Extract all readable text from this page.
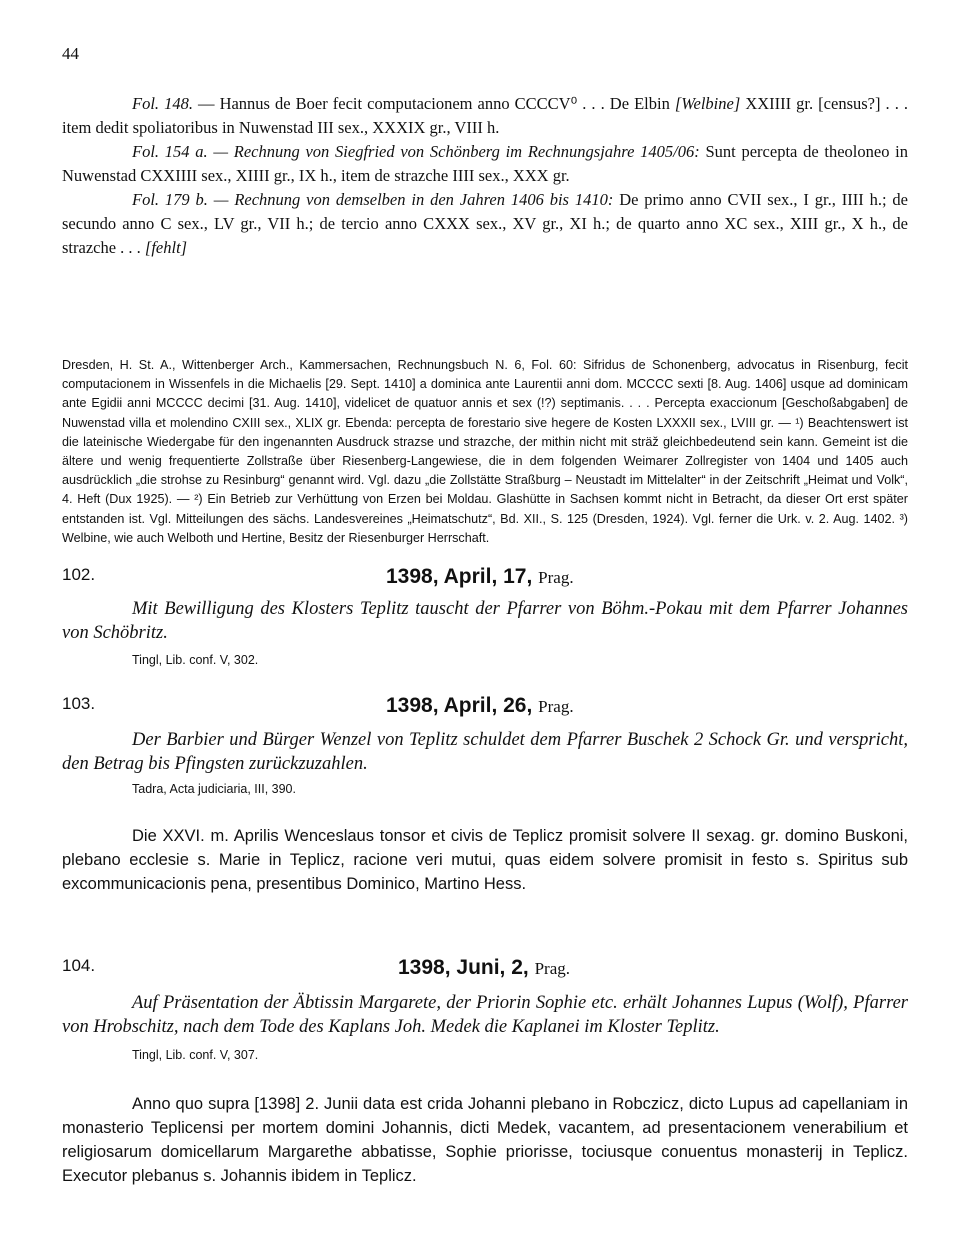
44

Fol. 148. — Hannus de Boer fecit computacionem anno CCCCV⁰ . . . De Elbin [Welbine] XXIIII gr. [census?] . . . item dedit spoliatoribus in Nuwenstad III sex., XXXIX gr., VIII h.

Fol. 154 a. — Rechnung von Siegfried von Schönberg im Rechnungsjahre 1405/06: Sunt percepta de theoloneo in Nuwenstad CXXIIII sex., XIIII gr., IX h., item de strazche IIII sex., XXX gr.

Fol. 179 b. — Rechnung von demselben in den Jahren 1406 bis 1410: De primo anno CVII sex., I gr., IIII h.; de secundo anno C sex., LV gr., VII h.; de tercio anno CXXX sex., XV gr., XI h.; de quarto anno XC sex., XIII gr., X h., de strazche . . . [fehlt]

Dresden, H. St. A., Wittenberger Arch., Kammersachen, Rechnungsbuch N. 6, Fol. 60: Sifridus de Schonenberg, advocatus in Risenburg, fecit computacionem in Wissenfels in die Michaelis [29. Sept. 1410] a dominica ante Laurentii anni dom. MCCCC sexti [8. Aug. 1406] usque ad dominicam ante Egidii anni MCCCC decimi [31. Aug. 1410], videlicet de quatuor annis et sex (!?) septimanis. . . . Percepta exaccionum [Geschoßabgaben] de Nuwenstad villa et molendino CXIII sex., XLIX gr. Ebenda: percepta de forestario sive hegere de Kosten LXXXII sex., LVIII gr. — ¹) Beachtenswert ist die lateinische Wiedergabe für den ingenannten Ausdruck strazse und strazche, der mithin nicht mit sträž gleichbedeutend sein kann. Gemeint ist die ältere und wenig frequentierte Zollstraße über Riesenberg-Langewiese, die in dem folgenden Weimarer Zollregister von 1404 und 1405 auch ausdrücklich „die strohse zu Resinburg“ genannt wird. Vgl. dazu „die Zollstätte Straßburg – Neustadt im Mittelalter“ in der Zeitschrift „Heimat und Volk“, 4. Heft (Dux 1925). — ²) Ein Betrieb zur Verhüttung von Erzen bei Moldau. Glashütte in Sachsen kommt nicht in Betracht, da dieser Ort erst später entstanden ist. Vgl. Mitteilungen des sächs. Landesvereines „Heimatschutz“, Bd. XII., S. 125 (Dresden, 1924). Vgl. ferner die Urk. v. 2. Aug. 1402. ³) Welbine, wie auch Welboth und Hertine, Besitz der Riesenburger Herrschaft.

102.	1398, April, 17, Prag.

Mit Bewilligung des Klosters Teplitz tauscht der Pfarrer von Böhm.-Pokau mit dem Pfarrer Johannes von Schöbritz.

Tingl, Lib. conf. V, 302.
103.	1398, April, 26, Prag.

Der Barbier und Bürger Wenzel von Teplitz schuldet dem Pfarrer Buschek 2 Schock Gr. und verspricht, den Betrag bis Pfingsten zurückzuzahlen.

Tadra, Acta judiciaria, III, 390.

Die XXVI. m. Aprilis Wenceslaus tonsor et civis de Teplicz promisit solvere II sexag. gr. domino Buskoni, plebano ecclesie s. Marie in Teplicz, racione veri mutui, quas eidem solvere promisit in festo s. Spiritus sub excommunicacionis pena, presentibus Dominico, Martino Hess.

104.	1398, Juni, 2, Prag.

Auf Präsentation der Äbtissin Margarete, der Priorin Sophie etc. erhält Johannes Lupus (Wolf), Pfarrer von Hrobschitz, nach dem Tode des Kaplans Joh. Medek die Kaplanei im Kloster Teplitz.

Tingl, Lib. conf. V, 307.

Anno quo supra [1398] 2. Junii data est crida Johanni plebano in Robczicz, dicto Lupus ad capellaniam in monasterio Teplicensi per mortem domini Johannis, dicti Medek, vacantem, ad presentacionem venerabilium et religiosarum domicellarum Margarethe abbatisse, Sophie priorisse, tociusque conuentus monasterij in Teplicz. Executor plebanus s. Johannis ibidem in Teplicz.
